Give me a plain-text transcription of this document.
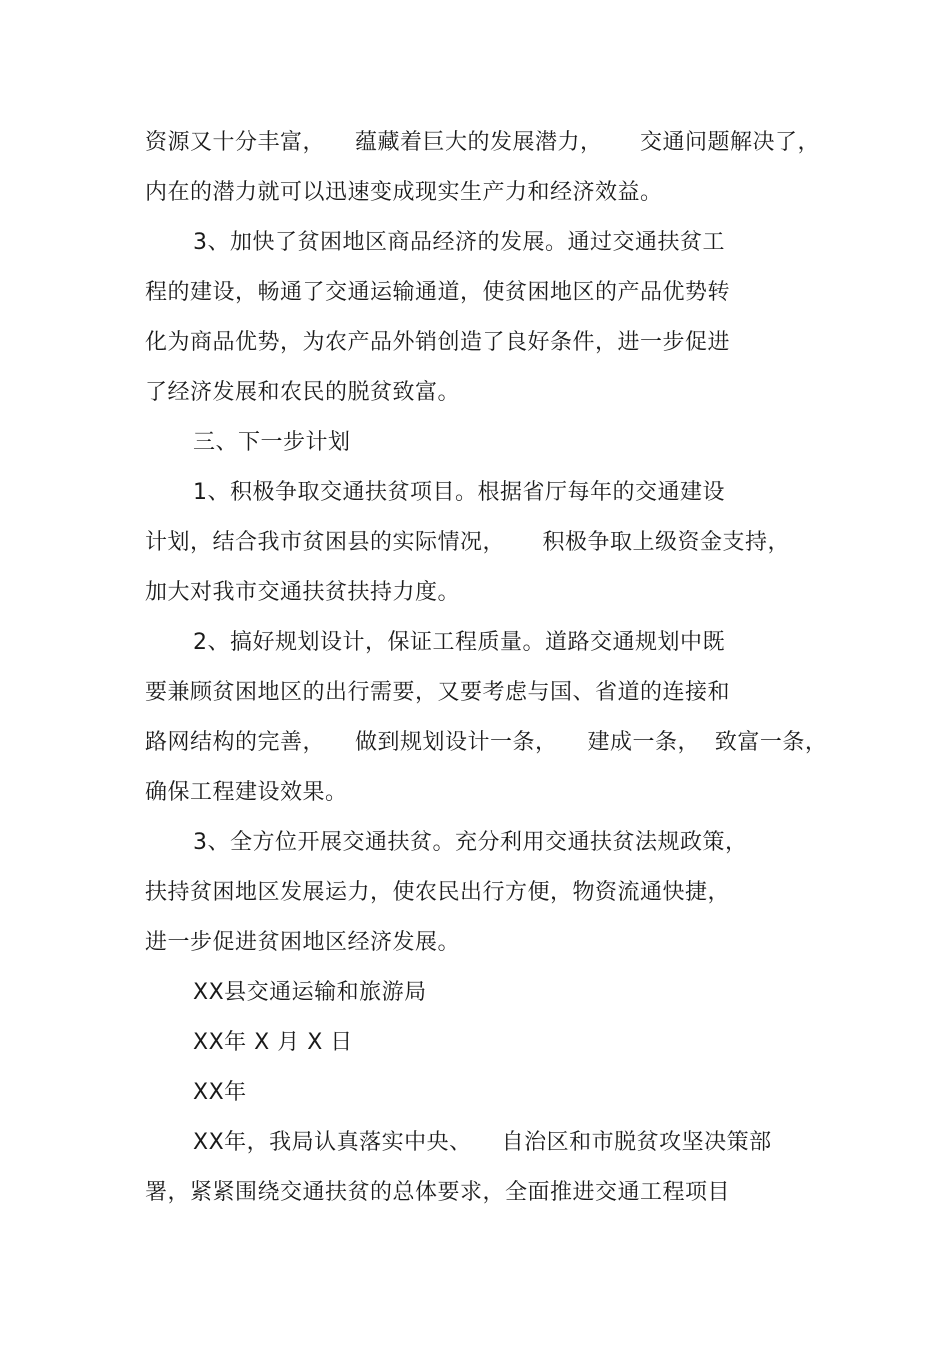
资源又十分丰富，    蕴藏着巨大的发展潜力，     交通问题解决了，
内在的潜力就可以迅速变成现实生产力和经济效益。
3、加快了贫困地区商品经济的发展。通过交通扶贫工
程的建设，畅通了交通运输通道，使贫困地区的产品优势转
化为商品优势，为农产品外销创造了良好条件，进一步促进
了经济发展和农民的脱贫致富。
三、下一步计划
1、积极争取交通扶贫项目。根据省厅每年的交通建设
计划，结合我市贫困县的实际情况，     积极争取上级资金支持，
加大对我市交通扶贫扶持力度。
2、搞好规划设计，保证工程质量。道路交通规划中既
要兼顾贫困地区的出行需要，又要考虑与国、省道的连接和
路网结构的完善，    做到规划设计一条，    建成一条，  致富一条，
确保工程建设效果。
3、全方位开展交通扶贫。充分利用交通扶贫法规政策，
扶持贫困地区发展运力，使农民出行方便，物资流通快捷，
进一步促进贫困地区经济发展。
XX县交通运输和旅游局
XX年 X 月 X 日
XX年
XX年，我局认真落实中央、    自治区和市脱贫攻坚决策部
署，紧紧围绕交通扶贫的总体要求，全面推进交通工程项目
